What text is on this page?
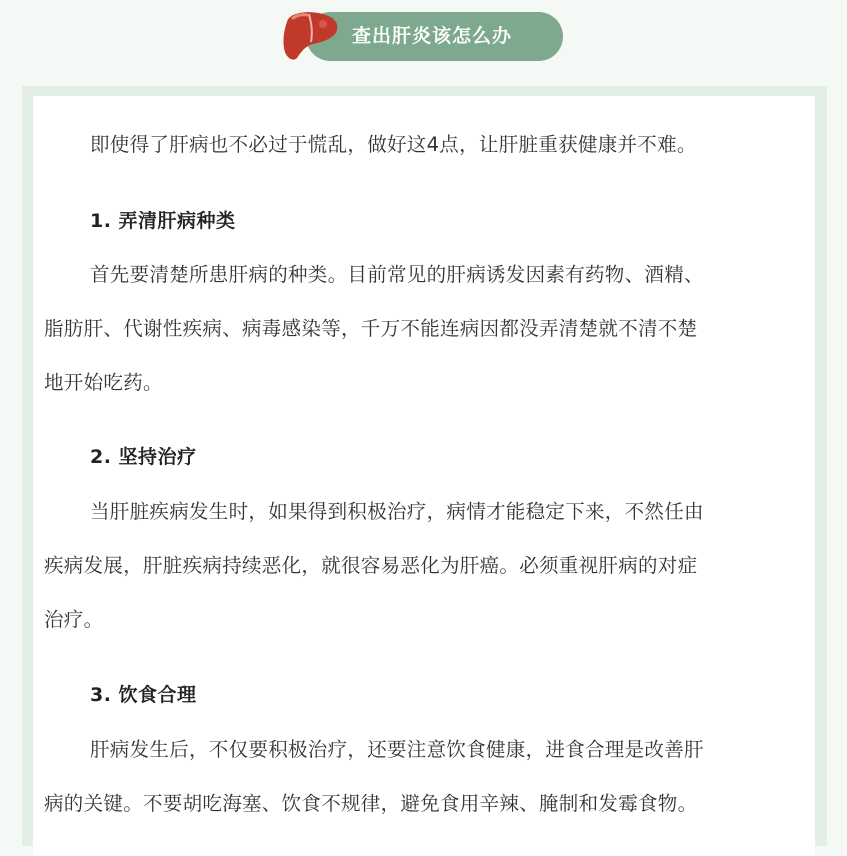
查出肝炎该怎么办
即使得了肝病也不必过于慌乱，做好这4点，让肝脏重获健康并不难。
1. 弄清肝病种类
首先要清楚所患肝病的种类。目前常见的肝病诱发因素有药物、酒精、
脂肪肝、代谢性疾病、病毒感染等，千万不能连病因都没弄清楚就不清不楚
地开始吃药。
2. 坚持治疗
当肝脏疾病发生时，如果得到积极治疗，病情才能稳定下来，不然任由
疾病发展，肝脏疾病持续恶化，就很容易恶化为肝癌。必须重视肝病的对症
治疗。
3. 饮食合理
肝病发生后，不仅要积极治疗，还要注意饮食健康，进食合理是改善肝
病的关键。不要胡吃海塞、饮食不规律，避免食用辛辣、腌制和发霉食物。
